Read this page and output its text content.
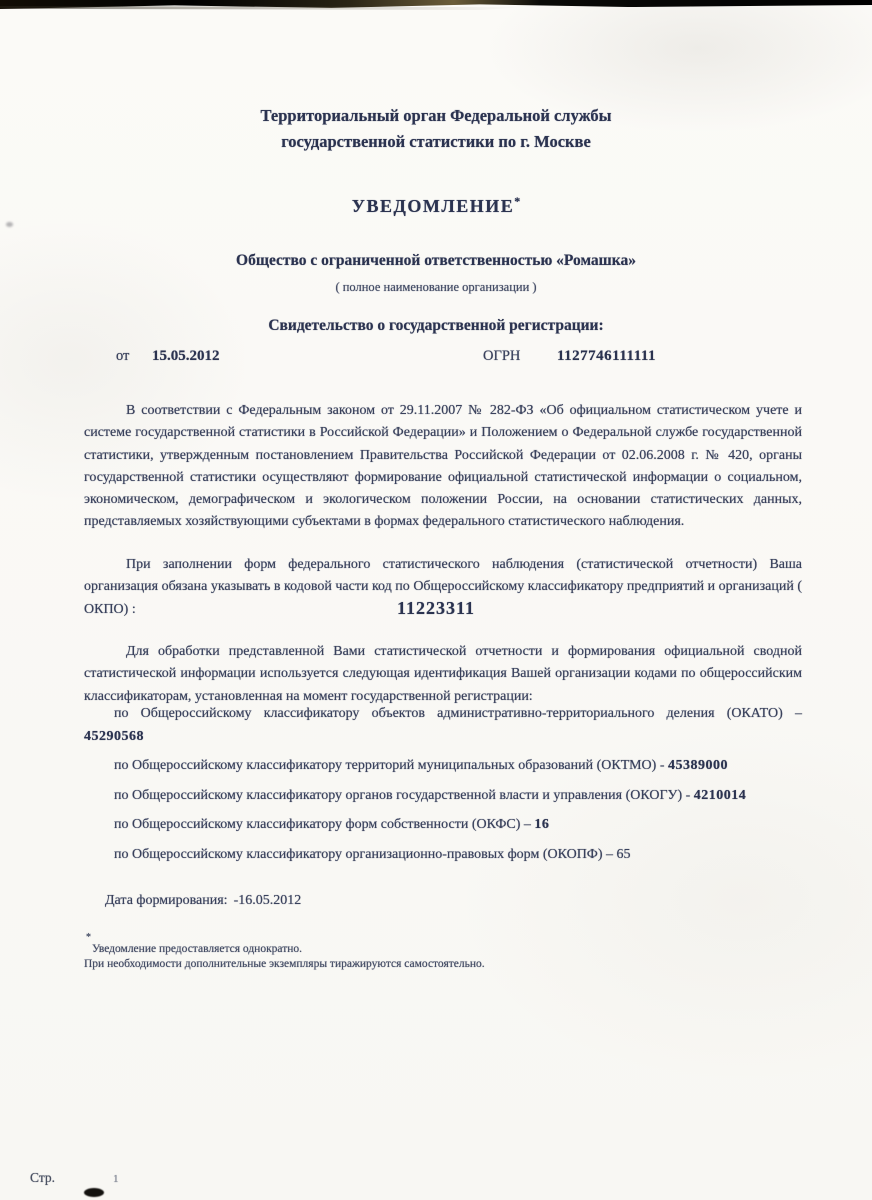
Территориальный орган Федеральной службы
государственной статистики по г. Москве
УВЕДОМЛЕНИЕ*
Общество с ограниченной ответственностью «Ромашка»
( полное наименование организации )
Свидетельство о государственной регистрации:
от 15.05.2012	ОГРН 1127746111111

В соответствии с Федеральным законом от 29.11.2007 № 282-ФЗ «Об официальном статистическом учете и системе государственной статистики в Российской Федерации» и Положением о Федеральной службе государственной статистики, утвержденным постановлением Правительства Российской Федерации от 02.06.2008 г. № 420, органы государственной статистики осуществляют формирование официальной статистической информации о социальном, экономическом, демографическом и экологическом положении России, на основании статистических данных, представляемых хозяйствующими субъектами в формах федерального статистического наблюдения.

При заполнении форм федерального статистического наблюдения (статистической отчетности) Ваша организация обязана указывать в кодовой части код по Общероссийскому классификатору предприятий и организаций ( ОКПО) :	11223311

Для обработки представленной Вами статистической отчетности и формирования официальной сводной статистической информации используется следующая идентификация Вашей организации кодами по общероссийским классификаторам, установленная на момент государственной регистрации:

по Общероссийскому классификатору объектов административно-территориального деления (ОКАТО) – 45290568

по Общероссийскому классификатору территорий муниципальных образований (ОКТМО) - 45389000

по Общероссийскому классификатору органов государственной власти и управления (ОКОГУ) - 4210014

по Общероссийскому классификатору форм собственности (ОКФС) – 16

по Общероссийскому классификатору организационно-правовых форм (ОКОПФ) – 65

Дата формирования: -16.05.2012
*
Уведомление предоставляется однократно.
При необходимости дополнительные экземпляры тиражируются самостоятельно.
Стр.	1
